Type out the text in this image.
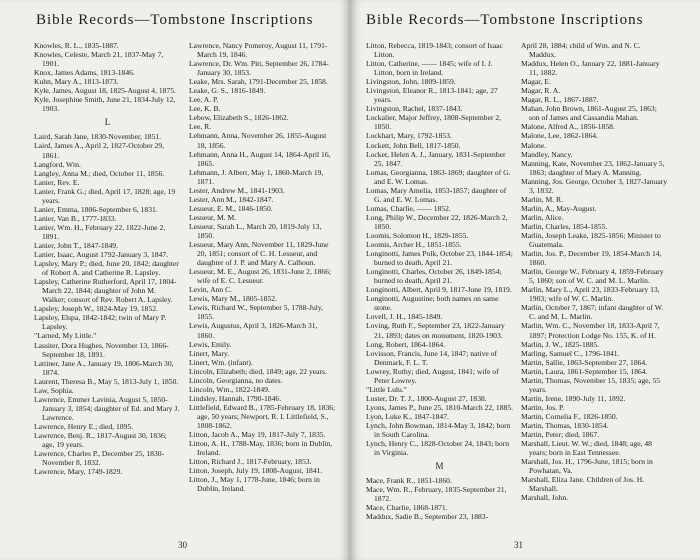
Bible Records—Tombstone Inscriptions

Knowles, R. L., 1835-1887.

Knowles, Celeste, March 21, 1837-May 7, 1901.

Knox, James Adams, 1813-1846.

Kuhn, Mary A., 1813-1873.

Kyle, James, August 18, 1825-August 4, 1875.

Kyle, Josephine Smith, June 21, 1834-July 12, 1903.

L

Laird, Sarah Jane, 1830-November, 1851.

Laird, James A., April 2, 1827-October 29, 1861.

Langford, Wm.

Langley, Anna M.; died, October 11, 1856.

Lanier, Rev. E.

Lanier, Frank G.; died, April 17, 1828; age, 19 years.

Lanier, Emma, 1806-September 6, 1831.

Lanier, Van B., 1777-1833.

Lanier, Wm. H., February 22, 1822-June 2, 1891.

Lanier, John T., 1847-1849.

Lanier, Isaac, August 1792-January 3, 1847.

Lapsley, Mary P.; died, June 20, 1842; daughter of Robert A. and Catherine R. Lapsley.

Lapsley, Catherine Rutherford, April 17, 1804-March 22, 1844; daughter of John M. Walker; consort of Rev. Robert A. Lapsley.

Lapsley, Joseph W., 1824-May 19, 1852.

Lapsley, Elspa, 1842-1842; twin of Mary P. Lapsley.

"Larned, My Little."

Lassiter, Dora Hughes, November 13, 1866-September 18, 1891.

Lattiner, Jane A., January 19, 1806-March 30, 1874.

Laurent, Theresa B., May 5, 1813-July 1, 1850.

Law, Sophia.

Lawrence, Emmer Lavinia, August 5, 1850-January 3, 1854; daughter of Ed. and Mary J. Lawrence.

Lawrence, Henry E.; died, 1895.

Lawrence, Benj. R., 1817-August 30, 1836; age, 19 years.

Lawrence, Charles P., December 25, 1830-November 8, 1832.

Lawrence, Mary, 1749-1829.

Lawrence, Nancy Pomeroy, August 11, 1791-March 19, 1846.

Lawrence, Dr. Wm. Pitt, September 26, 1784-January 30, 1853.

Leake, Mrs. Sarah, 1791-December 25, 1858.

Leake, G. S., 1816-1849.

Lee, A. P.

Lee, K. B.

Lebow, Elizabeth S., 1826-1862.

Lee, R.

Lehmann, Anna, November 26, 1855-August 18, 1856.

Lehmann, Anna H., August 14, 1864-April 16, 1865.

Lehmann, J. Albert, May 1, 1860-March 19, 1871.

Lester, Andrew M., 1841-1903.

Lester, Ann M., 1842-1847.

Lesueur, E. M., 1846-1850.

Lesueur, M. M.

Lesueur, Sarah L., March 20, 1819-July 13, 1850.

Lesueur, Mary Ann, November 11, 1829-June 20, 1851; consort of C. H. Lesueur, and daughter of J. P. and Mary A. Calhoun.

Lesueur, M. E., August 26, 1831-June 2, 1866; wife of E. C. Lesueur.

Levin, Ann C.

Lewis, Mary M., 1805-1852.

Lewis, Richard W., September 5, 1788-July, 1855.

Lewis, Augustus, April 3, 1826-March 31, 1860.

Lewis, Emily.

Linert, Mary.

Linert, Wm. (infant).

Lincoln, Elizabeth; died, 1849; age, 22 years.

Lincoln, Georgianna, no dates.

Lincoln, Wm., 1822-1849.

Lindsley, Hannah, 1790-1846.

Littlefield, Edward B., 1785-February 18, 1836; age, 50 years; Newport, R. I. Littlefield, S., 1808-1862.

Litton, Jacob A., May 19, 1817-July 7, 1835.

Litton, A. H., 1788-May, 1836; born in Dublin, Ireland.

Litton, Richard J., 1817-February, 1853.

Litton, Joseph, July 19, 1808-August, 1841.

Litton, J., May 1, 1778-June, 1846; born in Dublin, Ireland.

30
Bible Records—Tombstone Inscriptions

Litton, Rebecca, 1819-1843; consort of Isaac Litton.

Litton, Catherine, —— 1845; wife of I. J. Litton, born in Ireland.

Livingston, John, 1809-1859.

Livingston, Eleanor R., 1813-1841; age, 27 years.

Livingston, Rachel, 1837-1843.

Lockalier, Major Jeffrey, 1808-September 2, 1850.

Lockhart, Mary, 1792-1853.

Lockett, John Bell, 1817-1850.

Locket, Helen A. J., January, 1831-September 25, 1847.

Lomas, Georgianna, 1863-1869; daughter of G. and E. W. Lomas.

Lomas, Mary Amelia, 1853-1857; daughter of G. and E. W. Lomas.

Lomas, Charlie, —— 1852.

Long, Philip W., December 22, 1826-March 2, 1850.

Loomis, Solomon H., 1829-1855.

Loomis, Archer H., 1851-1855.

Longinotti, James Polk, October 23, 1844-1854; burned to death, April 21.

Longinotti, Charles, October 26, 1849-1854; burned to death, April 21.

Longinotti, Albert, April 9, 1817-June 19, 1819.

Longinotti, Augustine; both names on same stone.

Lovell, J. H., 1845-1849.

Loving, Ruth F., September 23, 1822-January 21, 1893; dates on monument, 1820-1903.

Long, Robert, 1864-1864.

Lovisson, Francis, June 14, 1847; native of Denmark, F. L. T.

Lowrey, Ruthy; died, August, 1841; wife of Peter Lowrey.

"Little Lulu."

Luster, Dr. T. J., 1800-August 27, 1838.

Lyons, James P., June 25, 1810-March 22, 1885.

Lyon, Luke K., 1847-1847.

Lynch, John Bowman, 1814-May 3, 1842; born in South Carolina.

Lynch, Henry C., 1828-October 24, 1843; born in Virginia.

M

Mace, Frank R., 1851-1860.

Mace, Wm. R., February, 1835-September 21, 1872.

Mace, Charlie, 1868-1871.

Maddux, Sadie B., September 23, 1883-

April 28, 1884; child of Wm. and N. C. Maddux.

Maddux, Helen O., January 22, 1881-January 11, 1882.

Magar, E.

Magar, R. A.

Magar, R. L., 1867-1887.

Mahan, John Brown, 1861-August 25, 1863; son of James and Cassandia Mahan.

Malone, Alfred A., 1856-1858.

Malone, Lee, 1862-1864.

Malone.

Mandley, Nancy.

Manning, Kate, November 23, 1862-January 5, 1863; daughter of Mary A. Manning.

Manning, Jos. George, October 3, 1827-January 3, 1832.

Marlin, M. R.

Marlin, A., May-August.

Marlin, Alice.

Marlin, Charles, 1854-1855.

Marlin, Joseph Leake, 1825-1856; Minister to Guatemala.

Marlin, Jos. P., December 19, 1854-March 14, 1860.

Marlin, George W., February 4, 1859-February 5, 1860; son of W. C. and M. L. Marlin.

Marlin, Mary L., April 23, 1833-February 13, 1903; wife of W. C. Marlin.

Marlin, October 7, 1867; infant daughter of W. C. and M. L. Marlin.

Marlin, Wm. C., November 18, 1833-April 7, 1897; Protection Lodge No. 155, K. of H.

Marlin, J. W., 1825-1885.

Marling, Samuel C., 1796-1841.

Martin, Sallie, 1863-September 27, 1864.

Martin, Laura, 1861-September 15, 1864.

Martin, Thomas, November 15, 1835; age, 55 years.

Martin, Irene, 1890-July 11, 1892.

Martin, Jos. P.

Martin, Cornelia F., 1826-1850.

Martin, Thomas, 1830-1854.

Martin, Peter; died, 1867.

Marshall, Lieut. W. W.; died, 1848; age, 48 years; born in East Tennessee.

Marshall, Jos. H., 1796-June, 1815; born in Powhatan, Va.

Marshall, Eliza Jane. Children of Jos. H. Marshall.

Marshall, John.

31
